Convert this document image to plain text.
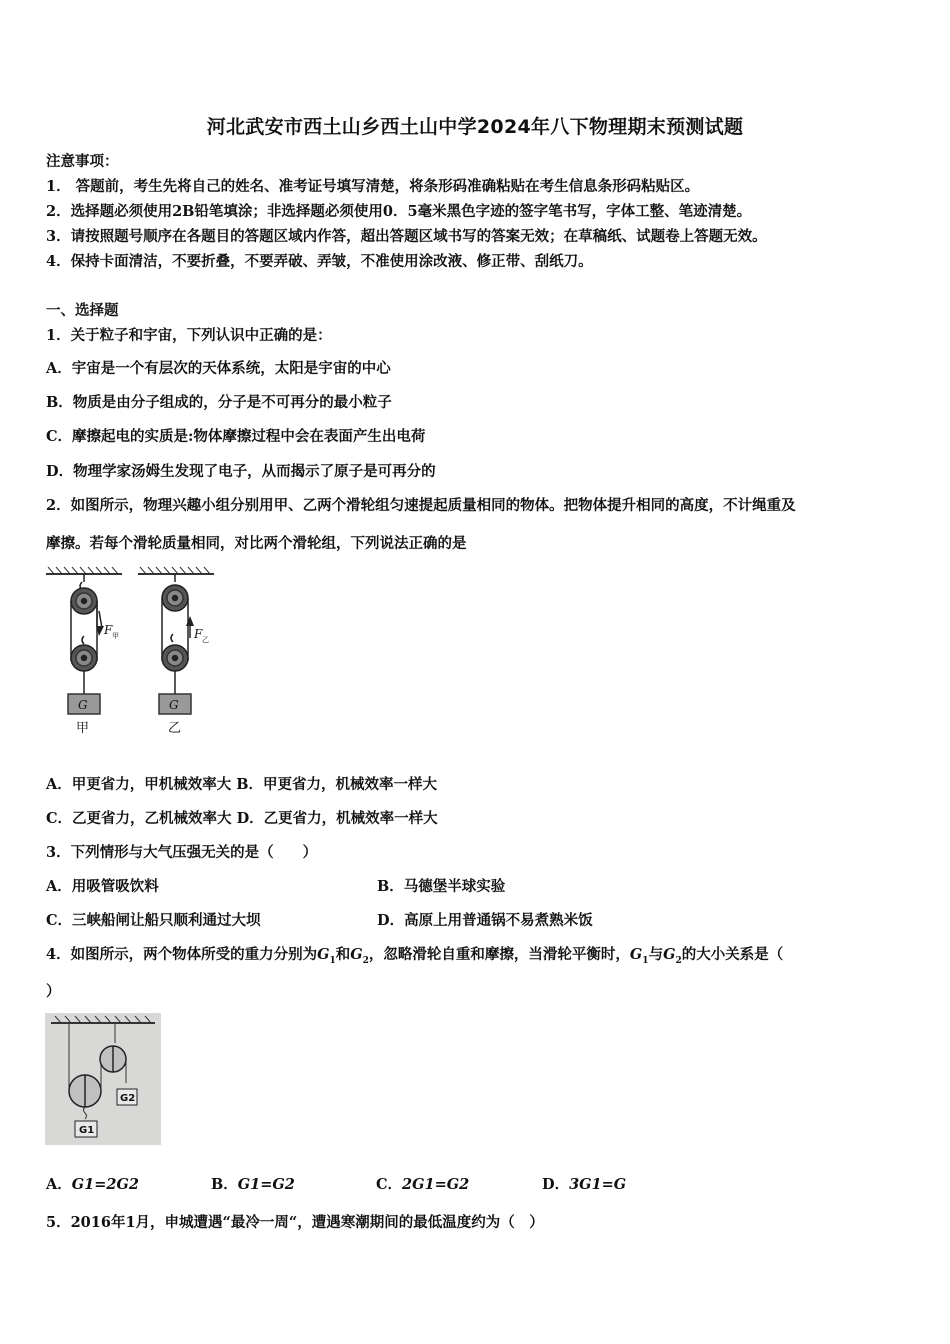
河北武安市西土山乡西土山中学2024年八下物理期末预测试题
注意事项：
1． 答题前，考生先将自己的姓名、准考证号填写清楚，将条形码准确粘贴在考生信息条形码粘贴区。
2．选择题必须使用2B铅笔填涂；非选择题必须使用0．5毫米黑色字迹的签字笔书写，字体工整、笔迹清楚。
3．请按照题号顺序在各题目的答题区域内作答，超出答题区域书写的答案无效；在草稿纸、试题卷上答题无效。
4．保持卡面清洁，不要折叠，不要弄破、弄皱，不准使用涂改液、修正带、刮纸刀。
一、选择题
1．关于粒子和宇宙，下列认识中正确的是：
A．宇宙是一个有层次的天体系统，太阳是宇宙的中心
B．物质是由分子组成的，分子是不可再分的最小粒子
C．摩擦起电的实质是:物体摩擦过程中会在表面产生出电荷
D．物理学家汤姆生发现了电子，从而揭示了原子是可再分的
2．如图所示，物理兴趣小组分别用甲、乙两个滑轮组匀速提起质量相同的物体。把物体提升相同的高度，不计绳重及
摩擦。若每个滑轮质量相同，对比两个滑轮组，下列说法正确的是
G
甲
F 甲
G
乙
F 乙
A．甲更省力，甲机械效率大 B．甲更省力，机械效率一样大
C．乙更省力，乙机械效率大 D．乙更省力，机械效率一样大
3．下列情形与大气压强无关的是（　　）
A．用吸管吸饮料	B．马德堡半球实验
C．三峡船闸让船只顺利通过大坝	D．高原上用普通锅不易煮熟米饭
4．如图所示，两个物体所受的重力分别为$G_1$和$G_2$，忽略滑轮自重和摩擦，当滑轮平衡时，$G_1$与$G_2$的大小关系是（
）
G1
G2
A．G1=2G2	B．G1=G2	C．2G1=G2	D．3G1=G
5．2016年1月，申城遭遇“最冷一周“，遭遇寒潮期间的最低温度约为（　）
